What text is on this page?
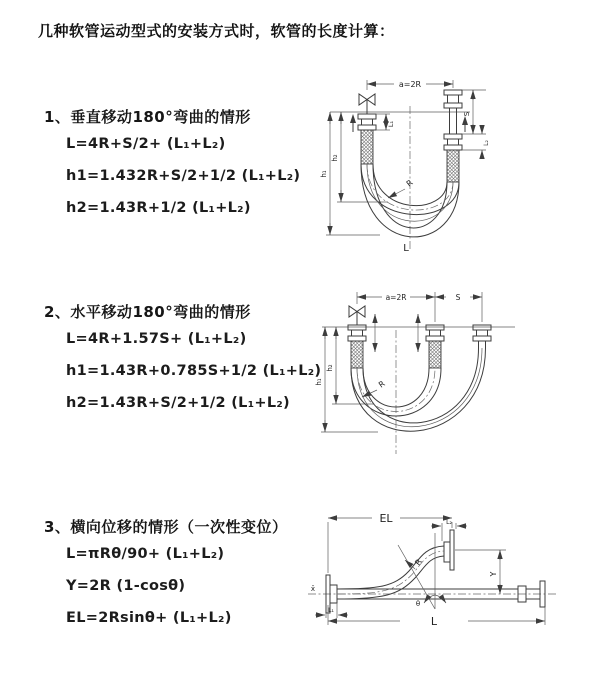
几种软管运动型式的安装方式时，软管的长度计算：
1、垂直移动180°弯曲的情形
L=4R+S/2+ (L₁+L₂)
h1=1.432R+S/2+1/2 (L₁+L₂)
h2=1.43R+1/2 (L₁+L₂)
a=2R
L₁
S
L₂
h₁
h₂
R
L
2、水平移动180°弯曲的情形
L=4R+1.57S+ (L₁+L₂)
h1=1.43R+0.785S+1/2 (L₁+L₂)
h2=1.43R+S/2+1/2 (L₁+L₂)
a=2R	S
h₁
h₂
R
3、横向位移的情形（一次性变位）
L=πRθ/90+ (L₁+L₂)
Y=2R (1-cosθ)
EL=2Rsinθ+ (L₁+L₂)
x̄
EL	L₂
Y
θ
R
L₁
L
